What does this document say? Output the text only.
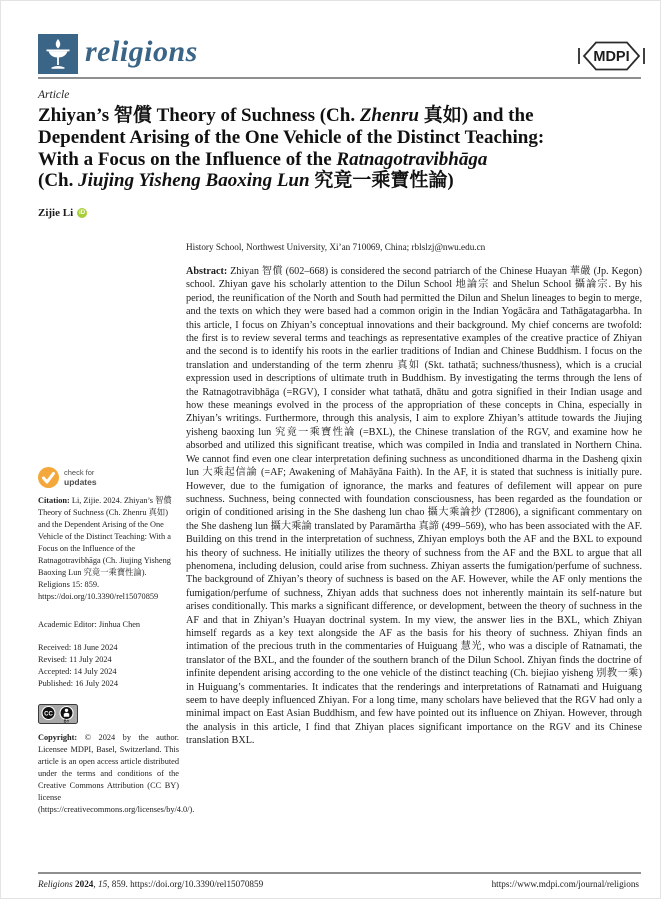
religions	MDPI
Article
Zhiyan’s 智償 Theory of Suchness (Ch. Zhenru 真如) and the
Dependent Arising of the One Vehicle of the Distinct Teaching:
With a Focus on the Influence of the Ratnagotravibhāga
(Ch. Jiujing Yisheng Baoxing Lun 究竟一乘寶性論)
Zijie Li	iD
History School, Northwest University, Xi’an 710069, China; rblslzj@nwu.edu.cn
Abstract: Zhiyan 智償 (602–668) is considered the second patriarch of the Chinese Huayan 華嚴 (Jp. Kegon) school. Zhiyan gave his scholarly attention to the Dilun School 地論宗 and Shelun School 攝論宗. By his period, the reunification of the North and South had permitted the Dilun and Shelun lineages to begin to merge, and the texts on which they were based had a common origin in the Indian Yogācāra and Tathāgatagarbha. In this article, I focus on Zhiyan’s conceptual innovations and their background. My chief concerns are twofold: the first is to review several terms and teachings as representative examples of the creative practice of Zhiyan and the second is to identify his roots in the earlier traditions of Indian and Chinese Buddhism. I focus on the translation and understanding of the term zhenru 真如 (Skt. tathatā; suchness/thusness), which is a crucial expression used in descriptions of ultimate truth in Buddhism. By investigating the terms through the lens of the Ratnagotravibhāga (=RGV), I consider what tathatā, dhātu and gotra signified in their Indian usage and how these meanings evolved in the process of the appropriation of these concepts in China, especially in Zhiyan’s writings. Furthermore, through this analysis, I aim to explore Zhiyan’s attitude towards the Jiujing yisheng baoxing lun 究竟一乘寶性論 (=BXL), the Chinese translation of the RGV, and examine how he absorbed and utilized this significant treatise, which was compiled in India and translated in Northern China. We cannot find even one clear interpretation defining suchness as unconditioned dharma in the Dasheng qixin lun 大乘起信論 (=AF; Awakening of Mahāyāna Faith). In the AF, it is stated that suchness is initially pure. However, due to the fumigation of ignorance, the marks and features of defilement will appear on pure suchness. Suchness, being connected with foundation consciousness, has been regarded as the foundation or origin of conditioned arising in the She dasheng lun chao 攝大乘論抄 (T2806), a significant commentary on the She dasheng lun 攝大乘論 translated by Paramārtha 真諦 (499–569), who has been associated with the AF. Building on this trend in the interpretation of suchness, Zhiyan employs both the AF and the BXL to expound his theory of suchness. He initially utilizes the theory of suchness from the AF and the BXL to argue that all phenomena, including delusion, could arise from suchness. Zhiyan asserts the fumigation/perfume of suchness. The background of Zhiyan’s theory of suchness is based on the AF. However, while the AF only mentions the fumigation/perfume of suchness, Zhiyan adds that suchness does not inherently maintain its self-nature but arises conditionally. This marks a significant difference, or development, between the theory of suchness in the AF and that in Zhiyan’s Huayan doctrinal system. In my view, the answer lies in the BXL, which Zhiyan himself regards as a key text alongside the AF as the basis for his theory of suchness. Zhiyan finds an intimation of the precious truth in the commentaries of Huiguang 慧光, who was a disciple of Ratnamati, the translator of the BXL, and the founder of the southern branch of the Dilun School. Zhiyan finds the doctrine of infinite dependent arising according to the one vehicle of the distinct teaching (Ch. biejiao yisheng 別教一乘) in Huiguang’s commentaries. It indicates that the renderings and interpretations of Ratnamati and Huiguang seem to have deeply influenced Zhiyan. For a long time, many scholars have believed that the RGV had only a minimal impact on East Asian Buddhism, and few have pointed out its influence on Zhiyan. However, through the analysis in this article, I find that Zhiyan places significant importance on the RGV and its Chinese translation BXL.
check for
updates
Citation: Li, Zijie. 2024. Zhiyan’s 智償 Theory of Suchness (Ch. Zhenru 真如) and the Dependent Arising of the One Vehicle of the Distinct Teaching: With a Focus on the Influence of the Ratnagotravibhāga (Ch. Jiujing Yisheng Baoxing Lun 究竟一乘寶性論). Religions 15: 859. https://doi.org/10.3390/rel15070859
Academic Editor: Jinhua Chen
Received: 18 June 2024
Revised: 11 July 2024
Accepted: 14 July 2024
Published: 16 July 2024
CC
BY
Copyright: © 2024 by the author. Licensee MDPI, Basel, Switzerland. This article is an open access article distributed under the terms and conditions of the Creative Commons Attribution (CC BY) license (https://creativecommons.org/licenses/by/4.0/).
Religions 2024, 15, 859. https://doi.org/10.3390/rel15070859	https://www.mdpi.com/journal/religions
